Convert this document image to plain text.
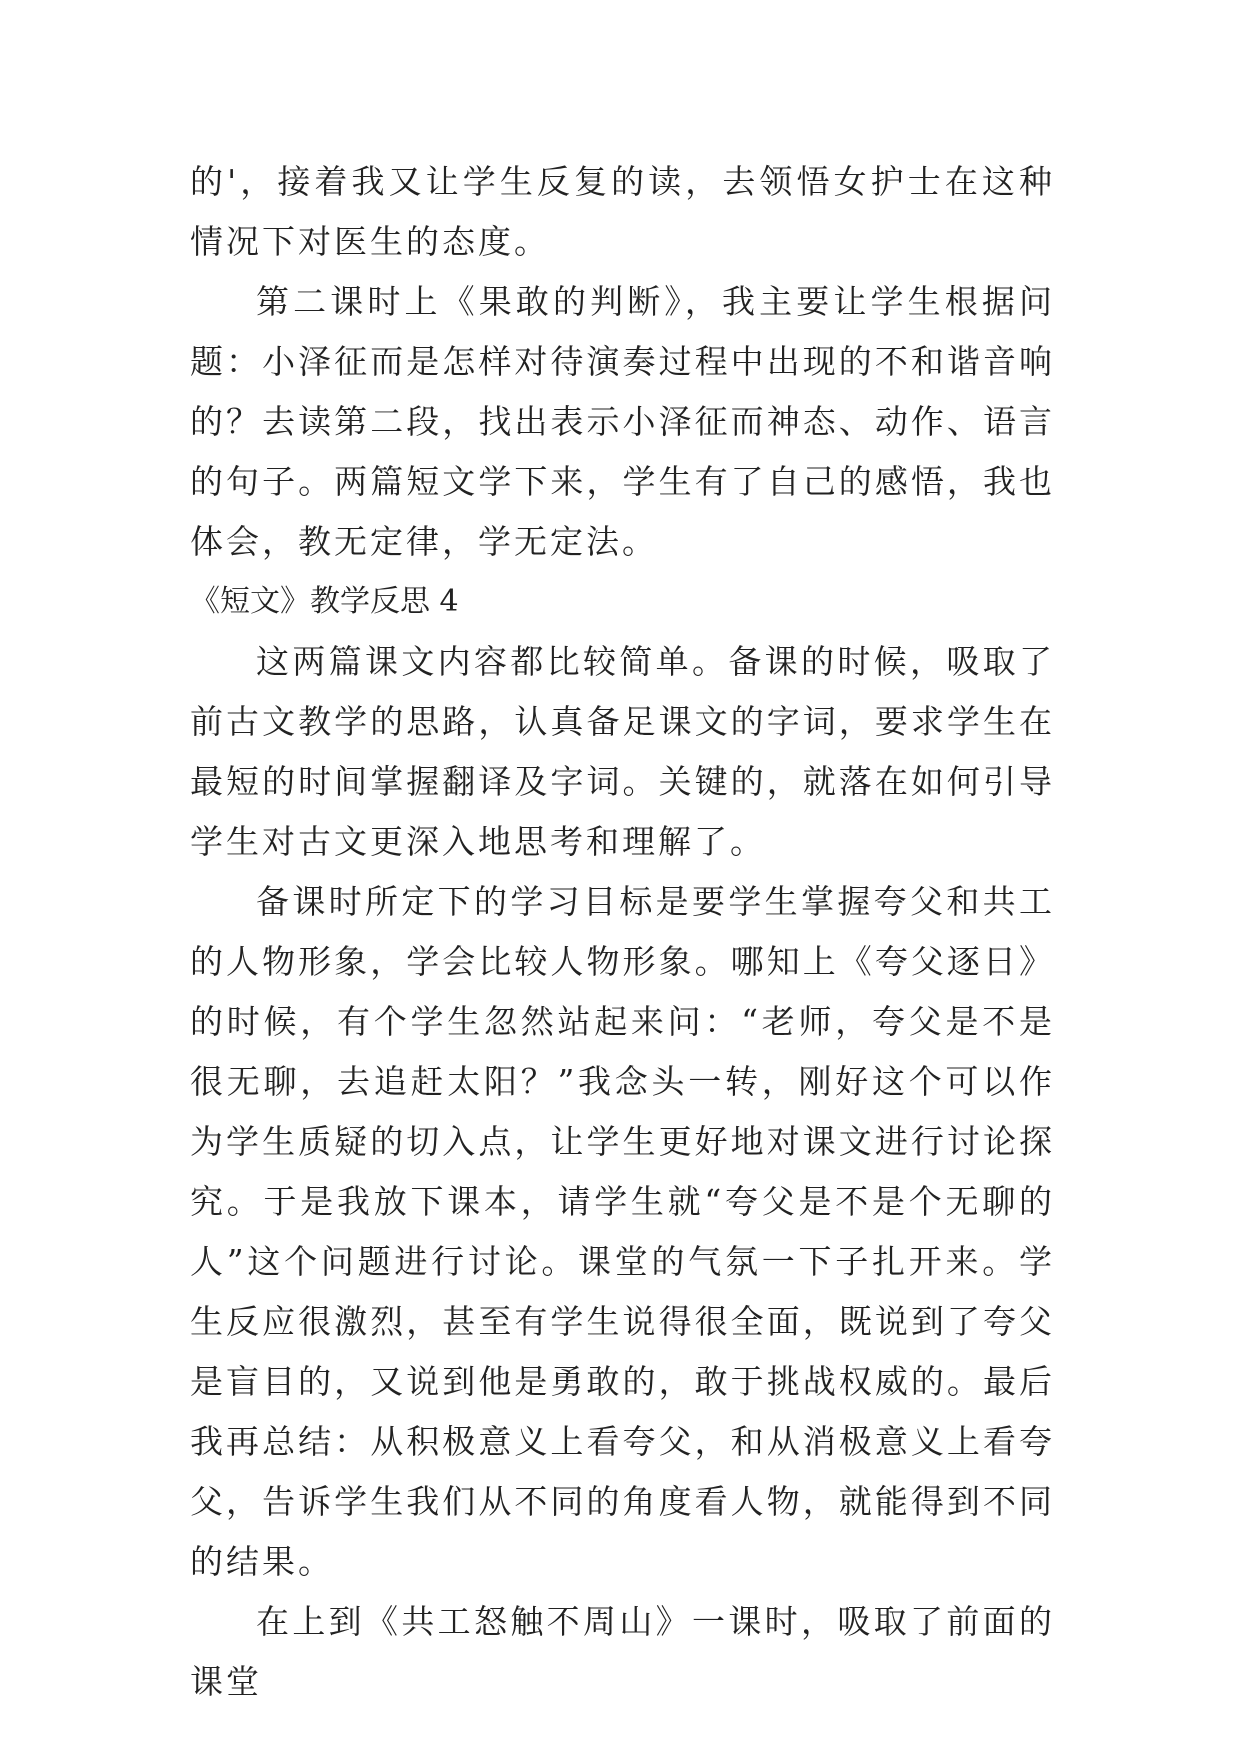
的'，接着我又让学生反复的读，去领悟女护士在这种情况下对医生的态度。

第二课时上《果敢的判断》，我主要让学生根据问题：小泽征而是怎样对待演奏过程中出现的不和谐音响的？去读第二段，找出表示小泽征而神态、动作、语言的句子。两篇短文学下来，学生有了自己的感悟，我也体会，教无定律，学无定法。

《短文》教学反思 4

这两篇课文内容都比较简单。备课的时候，吸取了前古文教学的思路，认真备足课文的字词，要求学生在最短的时间掌握翻译及字词。关键的，就落在如何引导学生对古文更深入地思考和理解了。

备课时所定下的学习目标是要学生掌握夸父和共工的人物形象，学会比较人物形象。哪知上《夸父逐日》的时候，有个学生忽然站起来问：“老师，夸父是不是很无聊，去追赶太阳？”我念头一转，刚好这个可以作为学生质疑的切入点，让学生更好地对课文进行讨论探究。于是我放下课本，请学生就“夸父是不是个无聊的人”这个问题进行讨论。课堂的气氛一下子扎开来。学生反应很激烈，甚至有学生说得很全面，既说到了夸父是盲目的，又说到他是勇敢的，敢于挑战权威的。最后我再总结：从积极意义上看夸父，和从消极意义上看夸父，告诉学生我们从不同的角度看人物，就能得到不同的结果。

在上到《共工怒触不周山》一课时，吸取了前面的课堂
